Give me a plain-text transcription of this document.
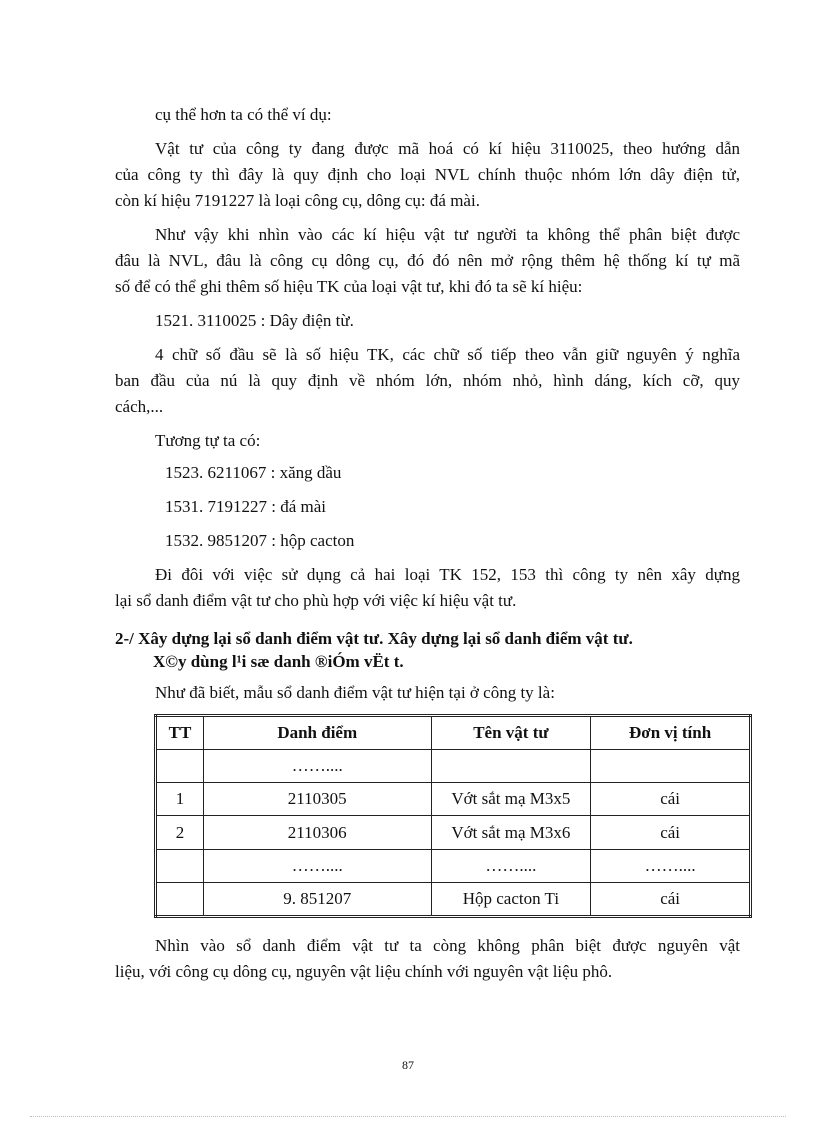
cụ thể hơn ta có thể ví dụ:
Vật tư của công ty đang được mã hoá có kí hiệu 3110025, theo hướng dẫn
của công ty thì đây là quy định cho loại NVL chính thuộc nhóm lớn dây điện tử,
còn kí hiệu 7191227 là loại công cụ, dông cụ: đá mài.
Như vậy khi nhìn vào các kí hiệu vật tư người ta không thể phân biệt được
đâu là NVL, đâu là công cụ dông cụ, đó đó nên mở rộng thêm hệ thống kí tự mã
số để có thể ghi thêm số hiệu TK của loại vật tư, khi đó ta sẽ kí hiệu:
1521. 3110025 : Dây điện từ.
4 chữ số đầu sẽ là số hiệu TK, các chữ số tiếp theo vẫn giữ nguyên ý nghĩa
ban đầu của nú là quy định về nhóm lớn, nhóm nhỏ, hình dáng, kích cỡ, quy
cách,...
Tương tự ta có:
1523. 6211067 : xăng dầu
1531. 7191227 : đá mài
1532. 9851207 : hộp cacton
Đi đôi với việc sử dụng cả hai loại TK 152, 153 thì công ty nên xây dựng
lại sổ danh điểm vật tư cho phù hợp với việc kí hiệu vật tư.
2-/ Xây dựng lại sổ danh điểm vật tư. Xây dựng lại sổ danh điểm vật tư.
X©y dùng l¹i sæ danh ®iÓm vËt t.
Như đã biết, mẫu sổ danh điểm vật tư hiện tại ở công ty là:
TT	Danh điểm	Tên vật tư	Đơn vị tính
	……....		
1	2110305	Vớt sắt mạ M3x5	cái
2	2110306	Vớt sắt mạ M3x6	cái
	……....	……....	……....
	9. 851207	Hộp cacton Ti	cái
Nhìn vào sổ danh điểm vật tư ta còng không phân biệt được nguyên vật
liệu, với công cụ dông cụ, nguyên vật liệu chính với nguyên vật liệu phô.
87
